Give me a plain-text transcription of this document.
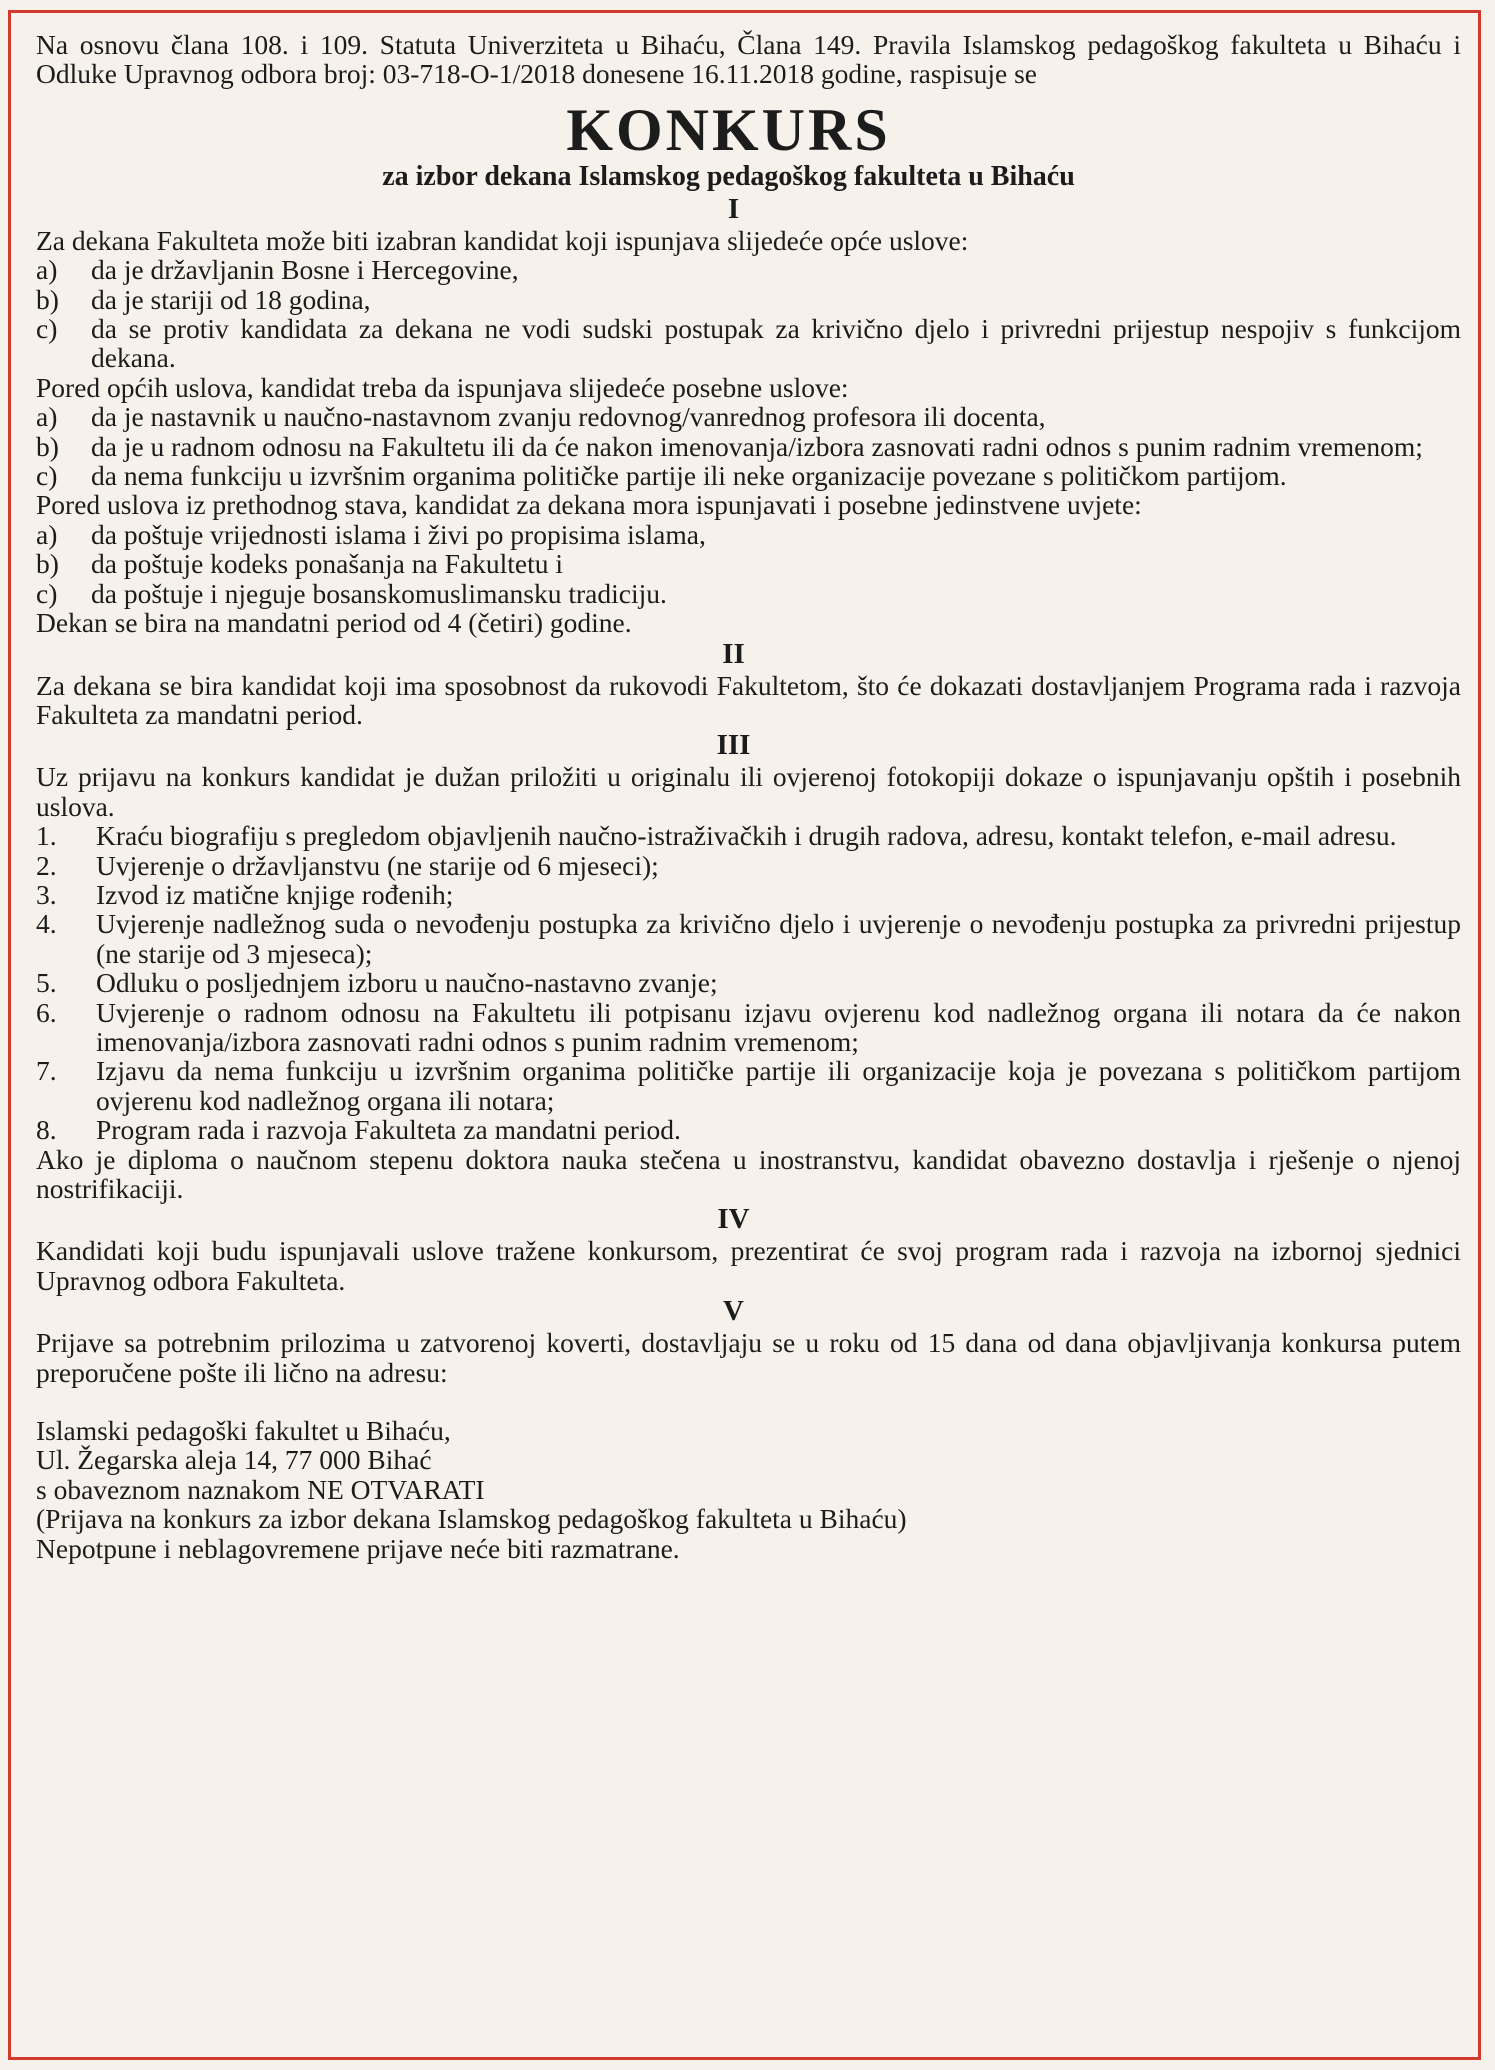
Na osnovu člana 108. i 109. Statuta Univerziteta u Bihaću, Člana 149. Pravila Islamskog pedagoškog fakulteta u Bihaću i Odluke Upravnog odbora broj: 03-718-O-1/2018 donesene 16.11.2018 godine, raspisuje se

KONKURS

za izbor dekana Islamskog pedagoškog fakulteta u Bihaću

I

Za dekana Fakulteta može biti izabran kandidat koji ispunjava slijedeće opće uslove:

a)	da je državljanin Bosne i Hercegovine,
b)	da je stariji od 18 godina,
c)	da se protiv kandidata za dekana ne vodi sudski postupak za krivično djelo i privredni prijestup nespojiv s funkcijom dekana.

Pored općih uslova, kandidat treba da ispunjava slijedeće posebne uslove:

a)	da je nastavnik u naučno-nastavnom zvanju redovnog/vanrednog profesora ili docenta,
b)	da je u radnom odnosu na Fakultetu ili da će nakon imenovanja/izbora zasnovati radni odnos s punim radnim vremenom;
c)	da nema funkciju u izvršnim organima političke partije ili neke organizacije povezane s političkom partijom.

Pored uslova iz prethodnog stava, kandidat za dekana mora ispunjavati i posebne jedinstvene uvjete:

a)	da poštuje vrijednosti islama i živi po propisima islama,
b)	da poštuje kodeks ponašanja na Fakultetu i
c)	da poštuje i njeguje bosanskomuslimansku tradiciju.

Dekan se bira na mandatni period od 4 (četiri) godine.

II

Za dekana se bira kandidat koji ima sposobnost da rukovodi Fakultetom, što će dokazati dostavljanjem Programa rada i razvoja Fakulteta za mandatni period.

III

Uz prijavu na konkurs kandidat je dužan priložiti u originalu ili ovjerenoj fotokopiji dokaze o ispunjavanju opštih i posebnih uslova.

1.	Kraću biografiju s pregledom objavljenih naučno-istraživačkih i drugih radova, adresu, kontakt telefon, e-mail adresu.
2.	Uvjerenje o državljanstvu (ne starije od 6 mjeseci);
3.	Izvod iz matične knjige rođenih;
4.	Uvjerenje nadležnog suda o nevođenju postupka za krivično djelo i uvjerenje o nevođenju postupka za privredni prijestup (ne starije od 3 mjeseca);
5.	Odluku o posljednjem izboru u naučno-nastavno zvanje;
6.	Uvjerenje o radnom odnosu na Fakultetu ili potpisanu izjavu ovjerenu kod nadležnog organa ili notara da će nakon imenovanja/izbora zasnovati radni odnos s punim radnim vremenom;
7.	Izjavu da nema funkciju u izvršnim organima političke partije ili organizacije koja je povezana s političkom partijom ovjerenu kod nadležnog organa ili notara;
8.	Program rada i razvoja Fakulteta za mandatni period.

Ako je diploma o naučnom stepenu doktora nauka stečena u inostranstvu, kandidat obavezno dostavlja i rješenje o njenoj nostrifikaciji.

IV

Kandidati koji budu ispunjavali uslove tražene konkursom, prezentirat će svoj program rada i razvoja na izbornoj sjednici Upravnog odbora Fakulteta.

V

Prijave sa potrebnim prilozima u zatvorenoj koverti, dostavljaju se u roku od 15 dana od dana objavljivanja konkursa putem preporučene pošte ili lično na adresu:

Islamski pedagoški fakultet u Bihaću,

Ul. Žegarska aleja 14, 77 000 Bihać

s obaveznom naznakom NE OTVARATI

(Prijava na konkurs za izbor dekana Islamskog pedagoškog fakulteta u Bihaću)

Nepotpune i neblagovremene prijave neće biti razmatrane.
